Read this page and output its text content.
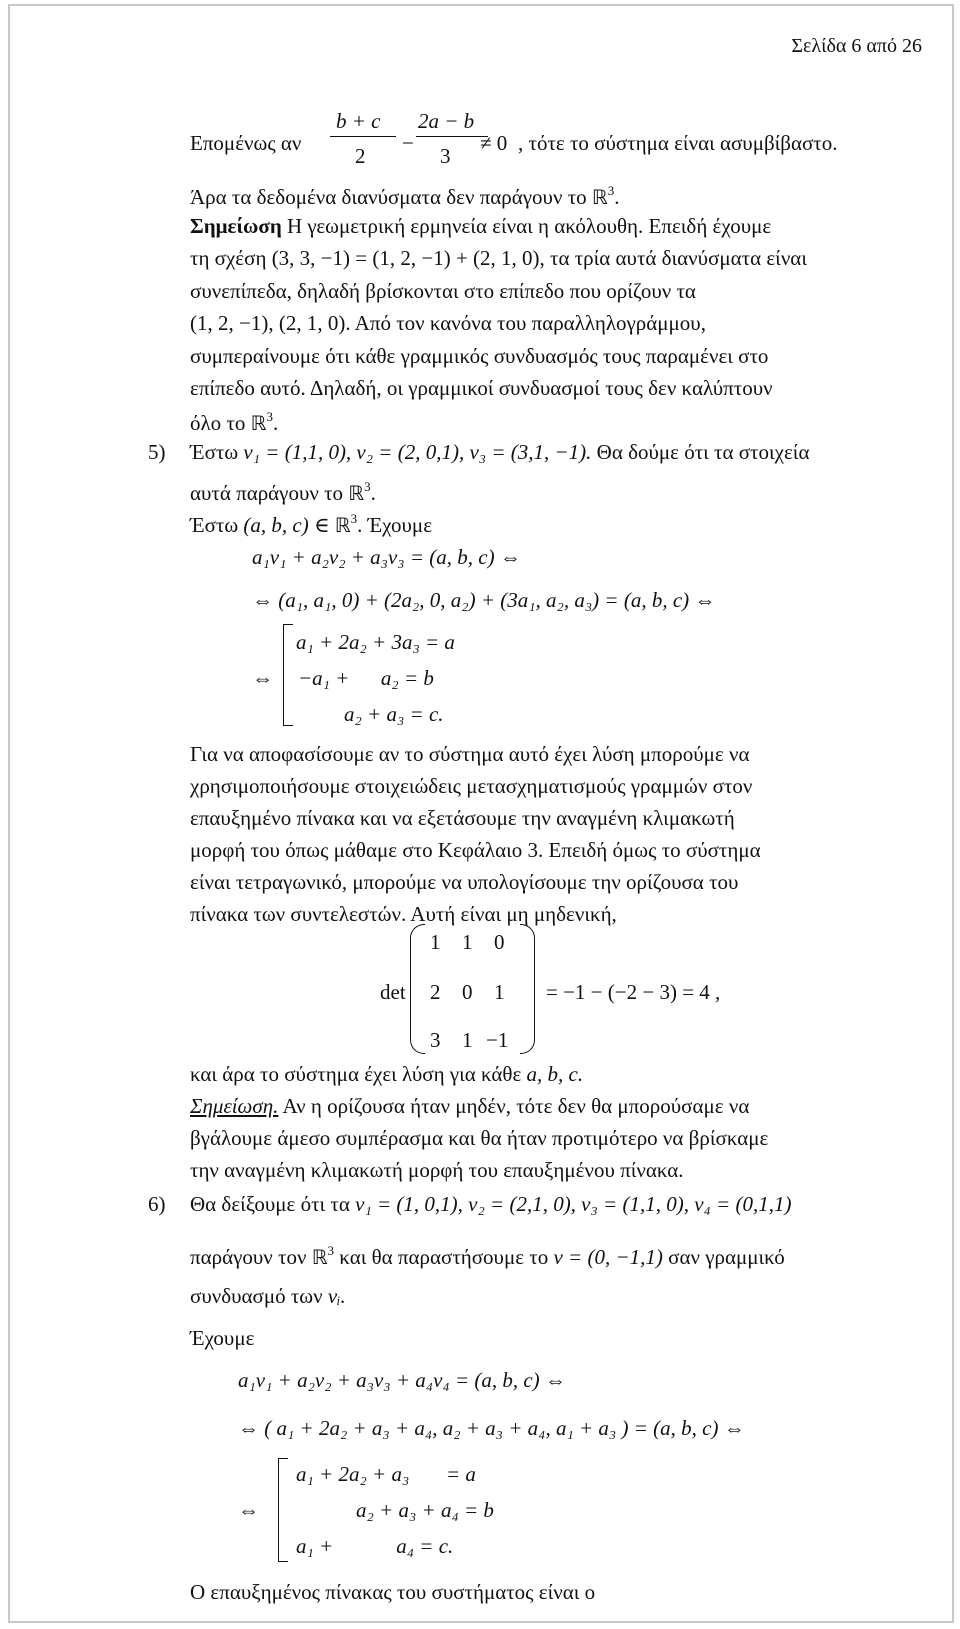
Σελίδα 6 από 26
Επομένως αν
b + c
2
−
2a − b
3
≠ 0 , τότε το σύστημα είναι ασυμβίβαστο.
Άρα τα δεδομένα διανύσματα δεν παράγουν το ℝ$^3$.
Σημείωση Η γεωμετρική ερμηνεία είναι η ακόλουθη. Επειδή έχουμε
τη σχέση (3, 3, −1) = (1, 2, −1) + (2, 1, 0), τα τρία αυτά διανύσματα είναι
συνεπίπεδα, δηλαδή βρίσκονται στο επίπεδο που ορίζουν τα
(1, 2, −1), (2, 1, 0). Από τον κανόνα του παραλληλογράμμου,
συμπεραίνουμε ότι κάθε γραμμικός συνδυασμός τους παραμένει στο
επίπεδο αυτό. Δηλαδή, οι γραμμικοί συνδυασμοί τους δεν καλύπτουν
όλο το ℝ$^3$.
5) Έστω v₁ = (1,1, 0), v₂ = (2, 0,1), v₃ = (3,1, −1). Θα δούμε ότι τα στοιχεία
αυτά παράγουν το ℝ$^3$.
Έστω (a, b, c) ∈ ℝ$^3$. Έχουμε
a₁v₁ + a₂v₂ + a₃v₃ = (a, b, c) ⇔
⇔ (a₁, a₁, 0) + (2a₂, 0, a₂) + (3a₁, a₂, a₃) = (a, b, c) ⇔
⇔
a₁ + 2a₂ + 3a₃ = a
−a₁ +      a₂ = b
a₂ + a₃ = c.
Για να αποφασίσουμε αν το σύστημα αυτό έχει λύση μπορούμε να
χρησιμοποιήσουμε στοιχειώδεις μετασχηματισμούς γραμμών στον
επαυξημένο πίνακα και να εξετάσουμε την αναγμένη κλιμακωτή
μορφή του όπως μάθαμε στο Κεφάλαιο 3. Επειδή όμως το σύστημα
είναι τετραγωνικό, μπορούμε να υπολογίσουμε την ορίζουσα του
πίνακα των συντελεστών. Αυτή είναι μη μηδενική,
det
1 1 0
2 0 1
3 1 −1
= −1 − (−2 − 3) = 4 ,
και άρα το σύστημα έχει λύση για κάθε a, b, c.
Σημείωση. Αν η ορίζουσα ήταν μηδέν, τότε δεν θα μπορούσαμε να
βγάλουμε άμεσο συμπέρασμα και θα ήταν προτιμότερο να βρίσκαμε
την αναγμένη κλιμακωτή μορφή του επαυξημένου πίνακα.
6) Θα δείξουμε ότι τα v₁ = (1, 0,1), v₂ = (2,1, 0), v₃ = (1,1, 0), v₄ = (0,1,1)
παράγουν τον ℝ$^3$ και θα παραστήσουμε το v = (0, −1,1) σαν γραμμικό
συνδυασμό των vᵢ.
Έχουμε
a₁v₁ + a₂v₂ + a₃v₃ + a₄v₄ = (a, b, c) ⇔
⇔ ( a₁ + 2a₂ + a₃ + a₄, a₂ + a₃ + a₄, a₁ + a₃ ) = (a, b, c) ⇔
⇔
a₁ + 2a₂ + a₃       = a
a₂ + a₃ + a₄ = b
a₁ +            a₄ = c.
Ο επαυξημένος πίνακας του συστήματος είναι ο
